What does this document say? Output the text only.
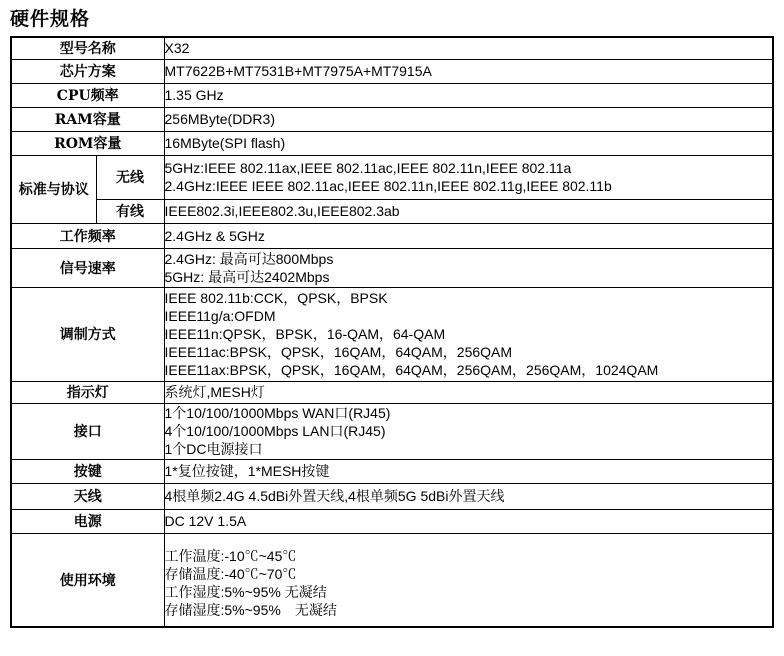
硬件规格
型号名称		X32

芯片方案		MT7622B+MT7531B+MT7975A+MT7915A

CPU频率		1.35 GHz

RAM容量		256MByte(DDR3)

ROM容量		16MByte(SPI flash)

标准与协议	无线	5GHz:IEEE 802.11ax,IEEE 802.11ac,IEEE 802.11n,IEEE 802.11a
2.4GHz:IEEE IEEE 802.11ac,IEEE 802.11n,IEEE 802.11g,IEEE 802.11b

	有线	IEEE802.3i,IEEE802.3u,IEEE802.3ab

工作频率		2.4GHz & 5GHz

信号速率		2.4GHz: 最高可达800Mbps
5GHz: 最高可达2402Mbps

调制方式		IEEE 802.11b:CCK，QPSK，BPSK
IEEE11g/a:OFDM
IEEE11n:QPSK，BPSK，16-QAM，64-QAM
IEEE11ac:BPSK，QPSK，16QAM，64QAM，256QAM
IEEE11ax:BPSK，QPSK，16QAM，64QAM，256QAM，256QAM，1024QAM

指示灯		系统灯,MESH灯

接口		1个10/100/1000Mbps WAN口(RJ45)
4个10/100/1000Mbps LAN口(RJ45)
1个DC电源接口

按键		1*复位按键，1*MESH按键

天线		4根单频2.4G 4.5dBi外置天线,4根单频5G 5dBi外置天线

电源		DC 12V 1.5A

使用环境		工作温度:-10℃~45℃
存储温度:-40℃~70℃
工作湿度:5%~95% 无凝结
存储湿度:5%~95%　无凝结
